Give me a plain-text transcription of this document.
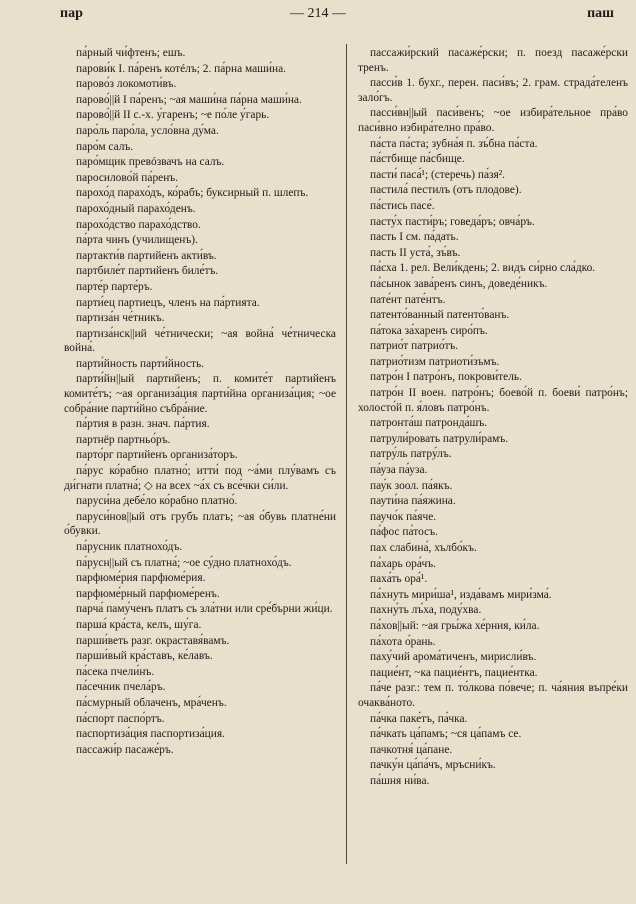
пар	— 214 —	паш
па́рный чи́фтенъ; ешъ.
парови́к I. па́ренъ котéлъ; 2. па́рна маши́на.
парово́з локомоти́въ.
парово́||й I па́ренъ; ~ая маши́на па́рна маши́на.
парово́||й II с.-х. у́гаренъ; ~е по́ле у́гарь.
паро́ль паро́ла, усло́вна ду́ма.
паро́м салъ.
паро́мщик превóзвачъ на салъ.
паросилово́й па́ренъ.
парохо́д парахо́дъ, ко́рабъ; буксирный п. шлепъ.
парохо́дный парахо́денъ.
парохо́дство парахо́дство.
па́рта чинъ (училищенъ).
партакти́в партийенъ акти́въ.
партбиле́т партийенъ биле́тъ.
парте́р парте́ръ.
парти́ец партиецъ, членъ на па́ртията.
партиза́н че́тникъ.
партиза́нск||ий че́тнически; ~ая война́ че́тническа война́.
парти́йность парти́йность.
парти́йн||ый партийенъ; п. комите́т партийенъ комите́тъ; ~ая организа́ция парти́йна организа́ция; ~ое собра́ние парти́йно събра́ние.
па́ртия в разн. знач. па́ртия.
партнёр партньо́ръ.
парто́рг партийенъ организа́торъ.
па́рус ко́рабно платно́; итти́ под ~а́ми плу́вамъ съ ди́гнати платна́; ◇ на всех ~а́х съ все́чки си́ли.
паруси́на дебе́ло ко́рабно платно́.
паруси́нов||ый отъ грубъ платъ; ~ая о́бувь платне́ни о́бувки.
па́русник платнохо́дъ.
па́русн||ый съ платна́; ~ое су́дно платнохо́дъ.
парфюме́рия парфюме́рия.
парфюме́рный парфюме́ренъ.
парча́ паму́ченъ платъ съ зла́тни или сре́бърни жи́ци.
парша́ кра́ста, келъ, шу́га.
парши́веть разг. окраставя́вамъ.
парши́вый кра́ставъ, ке́лавъ.
па́сека пчели́нъ.
па́сечник пчела́ръ.
па́смурный облаченъ, мра́ченъ.
па́спорт паспо́ртъ.
паспортиза́ция паспортиза́ция.
пассажи́р пасаже́ръ.
пассажи́рский пасаже́рски; п. поезд пасаже́рски тренъ.
пасси́в 1. бухг., перен. паси́въ; 2. грам. страда́теленъ зало́гъ.
пасси́вн||ый паси́венъ; ~ое избира́тельное пра́во паси́вно избира́телно пра́во.
па́ста па́ста; зубна́я п. зъ́бна па́ста.
па́стбище па́сбище.
пасти́ паса́¹; (стеречь) па́зя².
пастила́ пестилъ (отъ плодове).
па́стись пасе́.
пасту́х пасти́ръ; говеда́ръ; овча́ръ.
пасть I см. па́дать.
пасть II уста́, зъ́въ.
па́сха 1. рел. Вели́кдень; 2. видъ си́рно сла́дко.
па́сынок зава́ренъ синъ, доведе́никъ.
пате́нт пате́нтъ.
патенто́ванный патенто́ванъ.
па́тока за́харенъ сиро́пъ.
патрио́т патрио́тъ.
патрио́тизм патриоти́зъмъ.
патро́н I патро́нъ, покрови́тель.
патро́н II воен. патро́нъ; боево́й п. боеви́ патро́нъ; холосто́й п. я́ловъ патро́нъ.
патронта́ш патронда́шъ.
патрули́ровать патрули́рамъ.
патру́ль патру́лъ.
па́уза па́уза.
пау́к зоол. па́якъ.
паути́на па́яжина.
паучо́к па́яче.
па́фос па́тосъ.
пах слабина́, хълбо́къ.
па́харь ора́чъ.
паха́ть ора́¹.
па́хнуть мири́ша¹, изда́вамъ мири́зма́.
пахну́ть лъ́ха, поду́хва.
па́хов||ый: ~ая гры́жа хе́рния, ки́ла.
па́хота о́рань.
паху́чий арома́тиченъ, мирисли́въ.
пацие́нт, ~ка пацие́нтъ, пацие́нтка.
па́че разг.: тем п. то́лкова по́вече; п. ча́яния въпре́ки очаква́ното.
па́чка паке́тъ, па́чка.
па́чкать ца́памъ; ~ся ца́памъ се.
пачкотня́ ца́пане.
пачку́н ца́па́чъ, мръсни́къ.
па́шня ни́ва.
